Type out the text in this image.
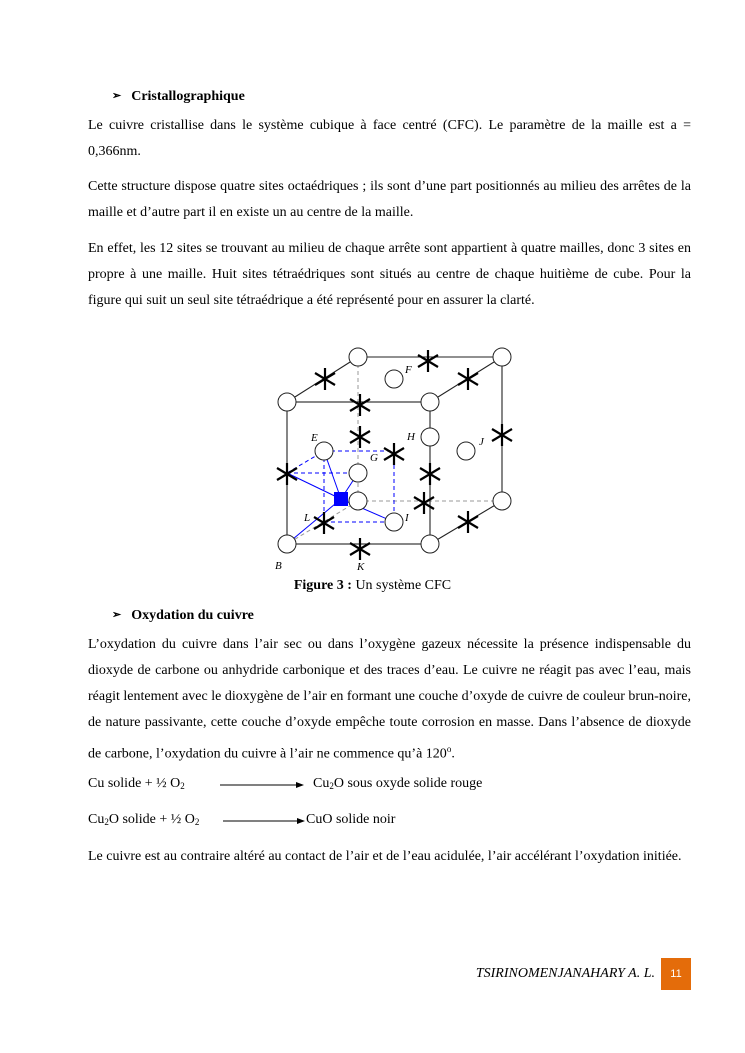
➢ Cristallographique
Le cuivre cristallise dans le système cubique à face centré (CFC). Le paramètre de la maille est a = 0,366nm.
Cette structure dispose quatre sites octaédriques ; ils sont d’une part positionnés au milieu des arrêtes de la maille et d’autre part il en existe un au centre de la maille.
En effet, les 12 sites se trouvant au milieu de chaque arrête sont appartient à quatre mailles, donc 3 sites en propre à une maille. Huit sites tétraédriques sont situés au centre de chaque huitième de cube. Pour la figure qui suit un seul site tétraédrique a été représenté pour en assurer la clarté.
F
E	H	J
G
L	I
B	K
Figure 3 : Un système CFC
➢ Oxydation du cuivre
L’oxydation du cuivre dans l’air sec ou dans l’oxygène gazeux nécessite la présence indispensable du dioxyde de carbone ou anhydride carbonique et des traces d’eau. Le cuivre ne réagit pas avec l’eau, mais réagit lentement avec le dioxygène de l’air en formant une couche d’oxyde de cuivre de couleur brun-noire, de nature passivante, cette couche d’oxyde empêche toute corrosion en masse. Dans l’absence de dioxyde de carbone, l’oxydation du cuivre à l’air ne commence qu’à 120$^o$.
Cu solide + ½ $O_2$	$Cu_2O$ sous oxyde solide rouge
$Cu_2O$ solide + ½ $O_2$	CuO solide noir
Le cuivre est au contraire altéré au contact de l’air et de l’eau acidulée, l’air accélérant l’oxydation initiée.
TSIRINOMENJANAHARY A. L.	11
